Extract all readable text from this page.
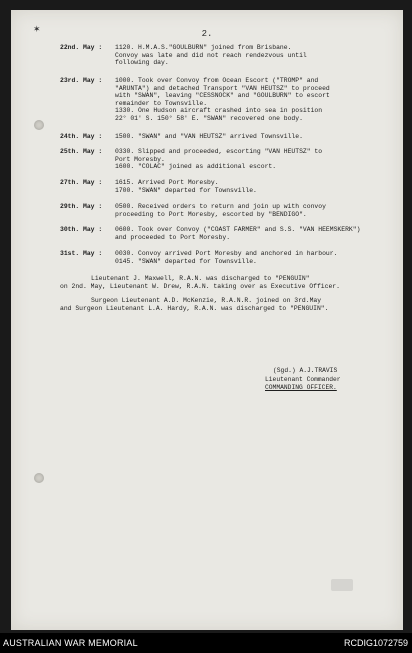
✶	2.
22nd. May : 1120. H.M.A.S."GOULBURN" joined from Brisbane.
Convoy was late and did not reach rendezvous until
following day.
23rd. May : 1000. Took over Convoy from Ocean Escort ("TROMP" and
"ARUNTA") and detached Transport "VAN HEUTSZ" to proceed
with "SWAN", leaving "CESSNOCK" and "GOULBURN" to escort
remainder to Townsville.
1330. One Hudson aircraft crashed into sea in position
22° 01' S. 150° 58' E. "SWAN" recovered one body.
24th. May : 1500. "SWAN" and "VAN HEUTSZ" arrived Townsville.
25th. May : 0330. Slipped and proceeded, escorting "VAN HEUTSZ" to
Port Moresby.
1600. "COLAC" joined as additional escort.
27th. May : 1615. Arrived Port Moresby.
1700. "SWAN" departed for Townsville.
29th. May : 0500. Received orders to return and join up with convoy
proceeding to Port Moresby, escorted by "BENDIGO".
30th. May : 0600. Took over Convoy ("COAST FARMER" and S.S. "VAN HEEMSKERK")
and proceeded to Port Moresby.
31st. May : 0030. Convoy arrived Port Moresby and anchored in harbour.
0145. "SWAN" departed for Townsville.
Lieutenant J. Maxwell, R.A.N. was discharged to "PENGUIN"
on 2nd. May, Lieutenant W. Drew, R.A.N. taking over as Executive Officer.
Surgeon Lieutenant A.D. McKenzie, R.A.N.R. joined on 3rd.May
and Surgeon Lieutenant L.A. Hardy, R.A.N. was discharged to "PENGUIN".
(Sgd.) A.J.TRAVIS
Lieutenant Commander
COMMANDING OFFICER.
AUSTRALIAN WAR MEMORIAL	RCDIG1072759
